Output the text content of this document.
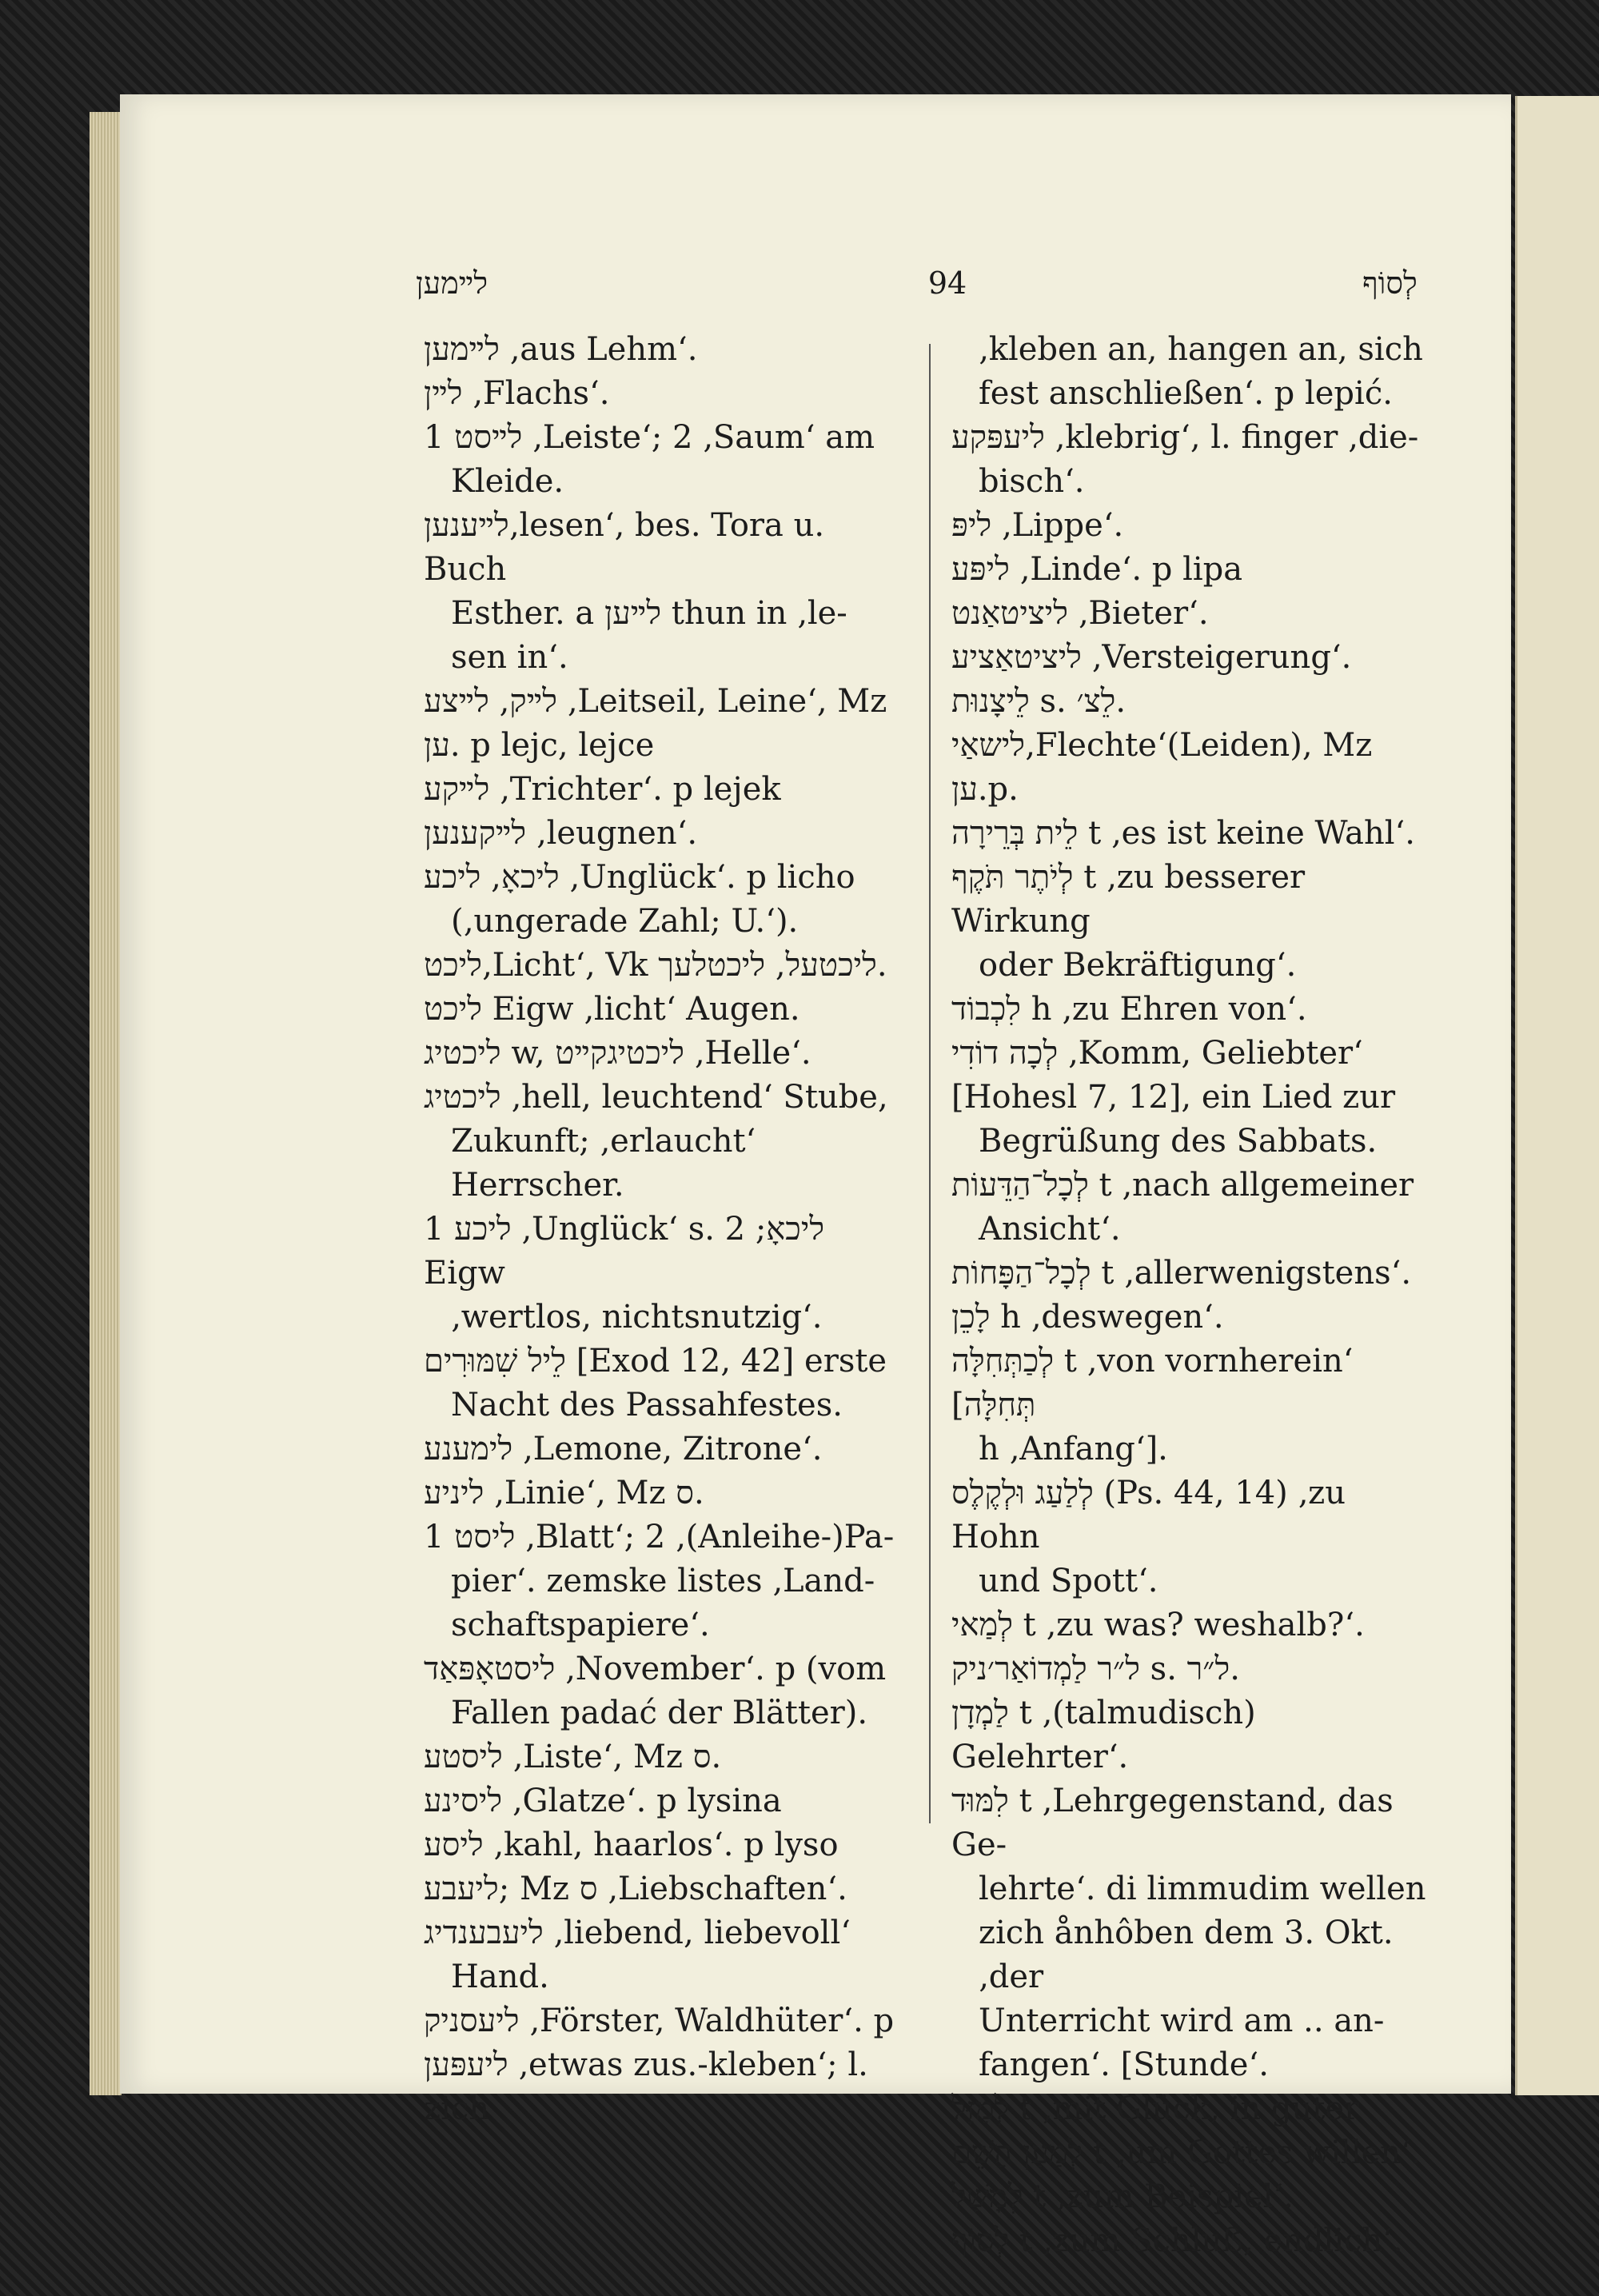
לײמען	94	לְסוֹף

לײמען ‚aus Lehm‘.

לײן ‚Flachs‘.

לײסט 1 ‚Leiste‘; 2 ‚Saum‘ am

Kleide.

לײענען‚lesen‘, bes. Tora u. Buch

Esther. a לײען thun in ‚le-

sen in‘.

לײק, לײצע ‚Leitseil, Leine‘, Mz

ען. p lejc, lejce

לײקע ‚Trichter‘. p lejek

לײקענען ‚leugnen‘.

ליכאָ, ליכע ‚Unglück‘. p licho

(‚ungerade Zahl; U.‘).

ליכט‚Licht‘, Vk ליכטעל, ליכטלעך.

ליכט Eigw ‚licht‘ Augen.

ליכטיג w, ליכטיגקײט ‚Helle‘.

ליכטיג ‚hell, leuchtend‘ Stube,

Zukunft; ‚erlaucht‘ Herrscher.

ליכע 1 ‚Unglück‘ s. ליכאָ; 2 Eigw

‚wertlos, nichtsnutzig‘.

לֵיל שִׁמּוּרִים [Exod 12, 42] erste

Nacht des Passahfestes.

לימענע ‚Lemone, Zitrone‘.

ליניע ‚Linie‘, Mz ס.

ליסט 1 ‚Blatt‘; 2 ‚(Anleihe-)Pa-

pier‘. zemske listes ‚Land-

schaftspapiere‘.

ליסטאָפּאַד ‚November‘. p (vom

Fallen padać der Blätter).

ליסטע ‚Liste‘, Mz ס.

ליסינע ‚Glatze‘. p lysina

ליסע ‚kahl, haarlos‘. p lyso

ליעבע; Mz ס ‚Liebschaften‘.

ליעבענדיג ‚liebend, liebevoll‘

Hand.

ליעסניק ‚Förster, Waldhüter‘. p

ליעפּען ‚etwas zus.-kleben‘; l. zich

‚kleben an, hangen an, sich

fest anschließen‘. p lepić.

ליעפּקע ‚klebrig‘, l. finger ‚die-

bisch‘.

ליפּ ‚Lippe‘.

ליפּע ‚Linde‘. p lipa

ליציטאַנט ‚Bieter‘.

ליציטאַציע ‚Versteigerung‘.

לֵיצָנוּת s. לֵצ׳.

לישאַי‚Flechte‘(Leiden), Mz ען.p.

לֵית בְּרֵירָה t ‚es ist keine Wahl‘.

לְיֹתֶר תֹּקֶף t ‚zu besserer Wirkung

oder Bekräftigung‘.

לִכְבוֹד h ‚zu Ehren von‘.

לְכָה דוֹדִי ‚Komm, Geliebter‘

[Hohesl 7, 12], ein Lied zur

Begrüßung des Sabbats.

לְכָל־הַדֵּעוֹת t ‚nach allgemeiner

Ansicht‘.

לְכָל־הַפָּחוֹת t ‚allerwenigstens‘.

לָכֵן h ‚deswegen‘.

לְכַתְּחִלָּה t ‚von vornherein‘ [תְּחִלָּה

h ‚Anfang‘].

לְלַעַג וּלְקֶלֶס (Ps. 44, 14) ‚zu Hohn

und Spott‘.

לְמַאי t ‚zu was? weshalb?‘.

ל״ר לַמְדוֹאַר׳ניק s. ל״ר.

לַמְדָן t ‚(talmudisch) Gelehrter‘.

לִמּוּד t ‚Lehrgegenstand, das Ge-

lehrte‘. di limmudim wellen

zich ånhôben dem 3. Okt. ‚der

Unterricht wird am .. an-

fangen‘. [Stunde‘.

לְמַזָּל t ‚mit Glück, in guter

לְמַעַן הַשֵּׁם t ‚um Gottes willen‘.

לְמָשָׁל t ‚zum Beispiel‘.

לְסוֹף t ‚zum Schluß, endlich‘.
